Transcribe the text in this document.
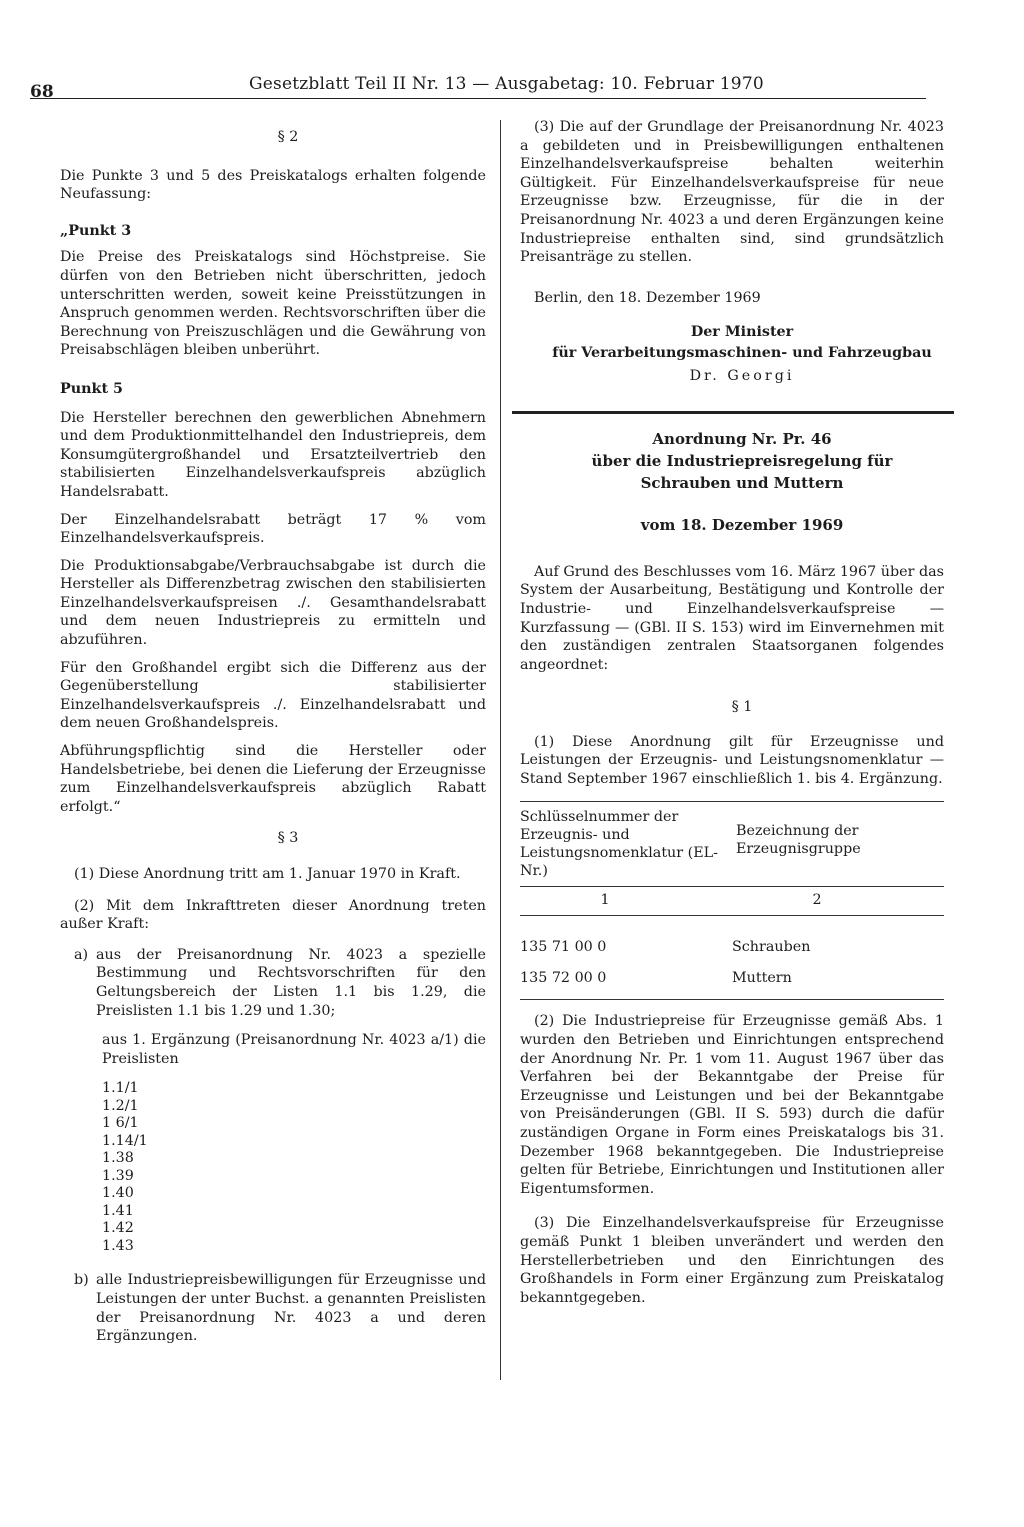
68	Gesetzblatt Teil II Nr. 13 — Ausgabetag: 10. Februar 1970

§ 2

Die Punkte 3 und 5 des Preiskatalogs erhalten folgende Neufassung:

„Punkt 3

Die Preise des Preiskatalogs sind Höchstpreise. Sie dürfen von den Betrieben nicht überschritten, jedoch unterschritten werden, soweit keine Preisstützungen in Anspruch genommen werden. Rechtsvorschriften über die Berechnung von Preiszuschlägen und die Gewährung von Preisabschlägen bleiben unberührt.

Punkt 5

Die Hersteller berechnen den gewerblichen Abnehmern und dem Produktionmittelhandel den Industriepreis, dem Konsumgütergroßhandel und Ersatzteilvertrieb den stabilisierten Einzelhandelsverkaufspreis abzüglich Handelsrabatt.

Der Einzelhandelsrabatt beträgt 17 % vom Einzelhandelsverkaufspreis.

Die Produktionsabgabe/Verbrauchsabgabe ist durch die Hersteller als Differenzbetrag zwischen den stabilisierten Einzelhandelsverkaufspreisen ./. Gesamthandelsrabatt und dem neuen Industriepreis zu ermitteln und abzuführen.

Für den Großhandel ergibt sich die Differenz aus der Gegenüberstellung stabilisierter Einzelhandelsverkaufspreis ./. Einzelhandelsrabatt und dem neuen Großhandelspreis.

Abführungspflichtig sind die Hersteller oder Handelsbetriebe, bei denen die Lieferung der Erzeugnisse zum Einzelhandelsverkaufspreis abzüglich Rabatt erfolgt.“

§ 3

(1) Diese Anordnung tritt am 1. Januar 1970 in Kraft.

(2) Mit dem Inkrafttreten dieser Anordnung treten außer Kraft:

a) aus der Preisanordnung Nr. 4023 a spezielle Bestimmung und Rechtsvorschriften für den Geltungsbereich der Listen 1.1 bis 1.29, die Preislisten 1.1 bis 1.29 und 1.30;

aus 1. Ergänzung (Preisanordnung Nr. 4023 a/1) die Preislisten

1.1/1
1.2/1
1 6/1
1.14/1
1.38
1.39
1.40
1.41
1.42
1.43
b) alle Industriepreisbewilligungen für Erzeugnisse und Leistungen der unter Buchst. a genannten Preislisten der Preisanordnung Nr. 4023 a und deren Ergänzungen.

(3) Die auf der Grundlage der Preisanordnung Nr. 4023 a gebildeten und in Preisbewilligungen enthaltenen Einzelhandelsverkaufspreise behalten weiterhin Gültigkeit. Für Einzelhandelsverkaufspreise für neue Erzeugnisse bzw. Erzeugnisse, für die in der Preisanordnung Nr. 4023 a und deren Ergänzungen keine Industriepreise enthalten sind, sind grundsätzlich Preisanträge zu stellen.

Berlin, den 18. Dezember 1969

Der Minister

für Verarbeitungsmaschinen- und Fahrzeugbau

Dr. Georgi

Anordnung Nr. Pr. 46
über die Industriepreisregelung für
Schrauben und Muttern

vom 18. Dezember 1969

Auf Grund des Beschlusses vom 16. März 1967 über das System der Ausarbeitung, Bestätigung und Kontrolle der Industrie- und Einzelhandelsverkaufspreise — Kurzfassung — (GBl. II S. 153) wird im Einvernehmen mit den zuständigen zentralen Staatsorganen folgendes angeordnet:

§ 1

(1) Diese Anordnung gilt für Erzeugnisse und Leistungen der Erzeugnis- und Leistungsnomenklatur — Stand September 1967 einschließlich 1. bis 4. Ergänzung.

Schlüsselnummer der Erzeugnis- und Leistungsnomenklatur (EL-Nr.)	Bezeichnung der Erzeugnisgruppe
1	2
135 71 00 0	Schrauben
135 72 00 0	Muttern

(2) Die Industriepreise für Erzeugnisse gemäß Abs. 1 wurden den Betrieben und Einrichtungen entsprechend der Anordnung Nr. Pr. 1 vom 11. August 1967 über das Verfahren bei der Bekanntgabe der Preise für Erzeugnisse und Leistungen und bei der Bekanntgabe von Preisänderungen (GBl. II S. 593) durch die dafür zuständigen Organe in Form eines Preiskatalogs bis 31. Dezember 1968 bekanntgegeben. Die Industriepreise gelten für Betriebe, Einrichtungen und Institutionen aller Eigentumsformen.

(3) Die Einzelhandelsverkaufspreise für Erzeugnisse gemäß Punkt 1 bleiben unverändert und werden den Herstellerbetrieben und den Einrichtungen des Großhandels in Form einer Ergänzung zum Preiskatalog bekanntgegeben.
